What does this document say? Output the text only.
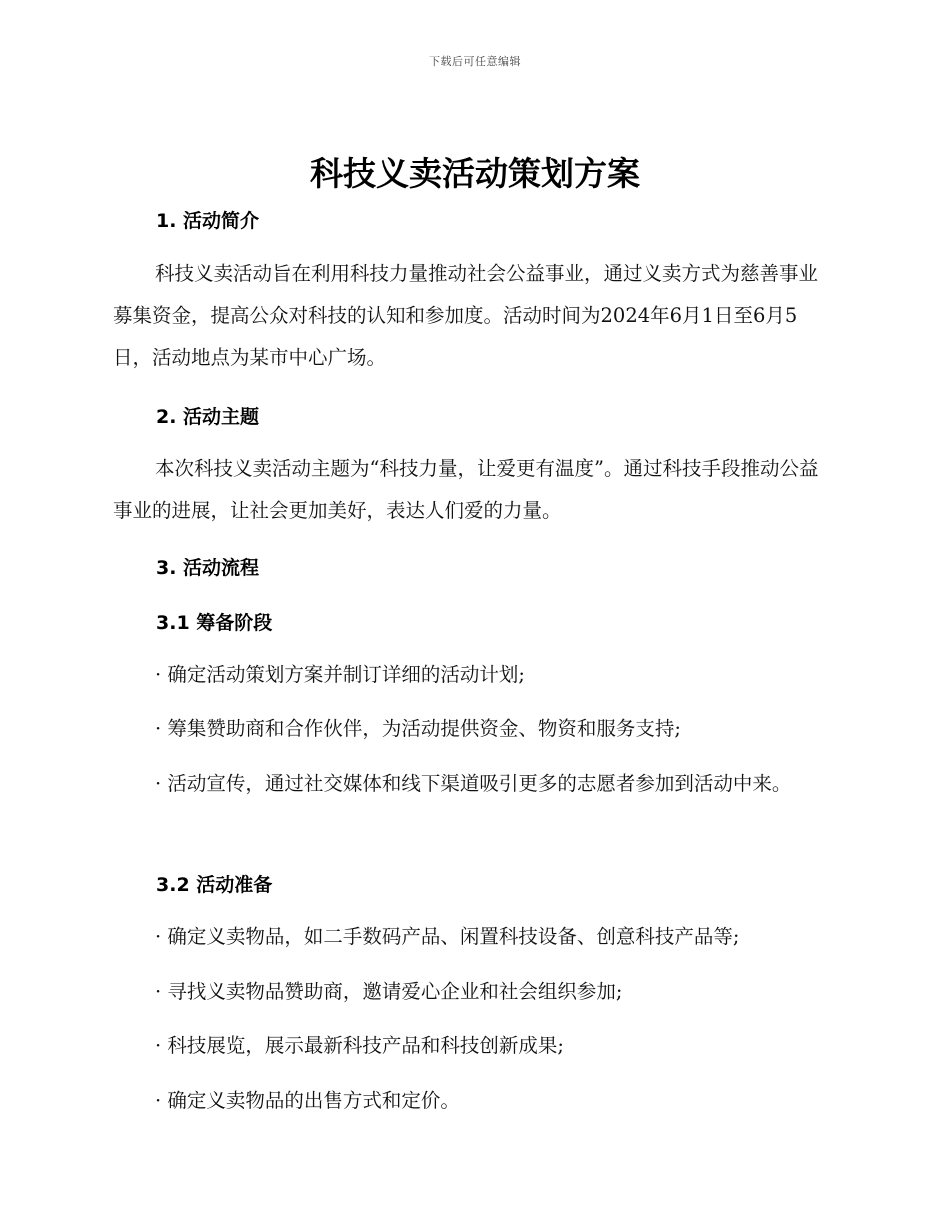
下载后可任意编辑
科技义卖活动策划方案
1. 活动简介

科技义卖活动旨在利用科技力量推动社会公益事业，通过义卖方式为慈善事业募集资金，提高公众对科技的认知和参加度。活动时间为2024年6月1日至6月5日，活动地点为某市中心广场。

2. 活动主题

本次科技义卖活动主题为“科技力量，让爱更有温度”。通过科技手段推动公益事业的进展，让社会更加美好，表达人们爱的力量。

3. 活动流程
3.1 筹备阶段

· 确定活动策划方案并制订详细的活动计划;

· 筹集赞助商和合作伙伴，为活动提供资金、物资和服务支持;

· 活动宣传，通过社交媒体和线下渠道吸引更多的志愿者参加到活动中来。

3.2 活动准备

· 确定义卖物品，如二手数码产品、闲置科技设备、创意科技产品等;

· 寻找义卖物品赞助商，邀请爱心企业和社会组织参加;

· 科技展览，展示最新科技产品和科技创新成果;

· 确定义卖物品的出售方式和定价。
